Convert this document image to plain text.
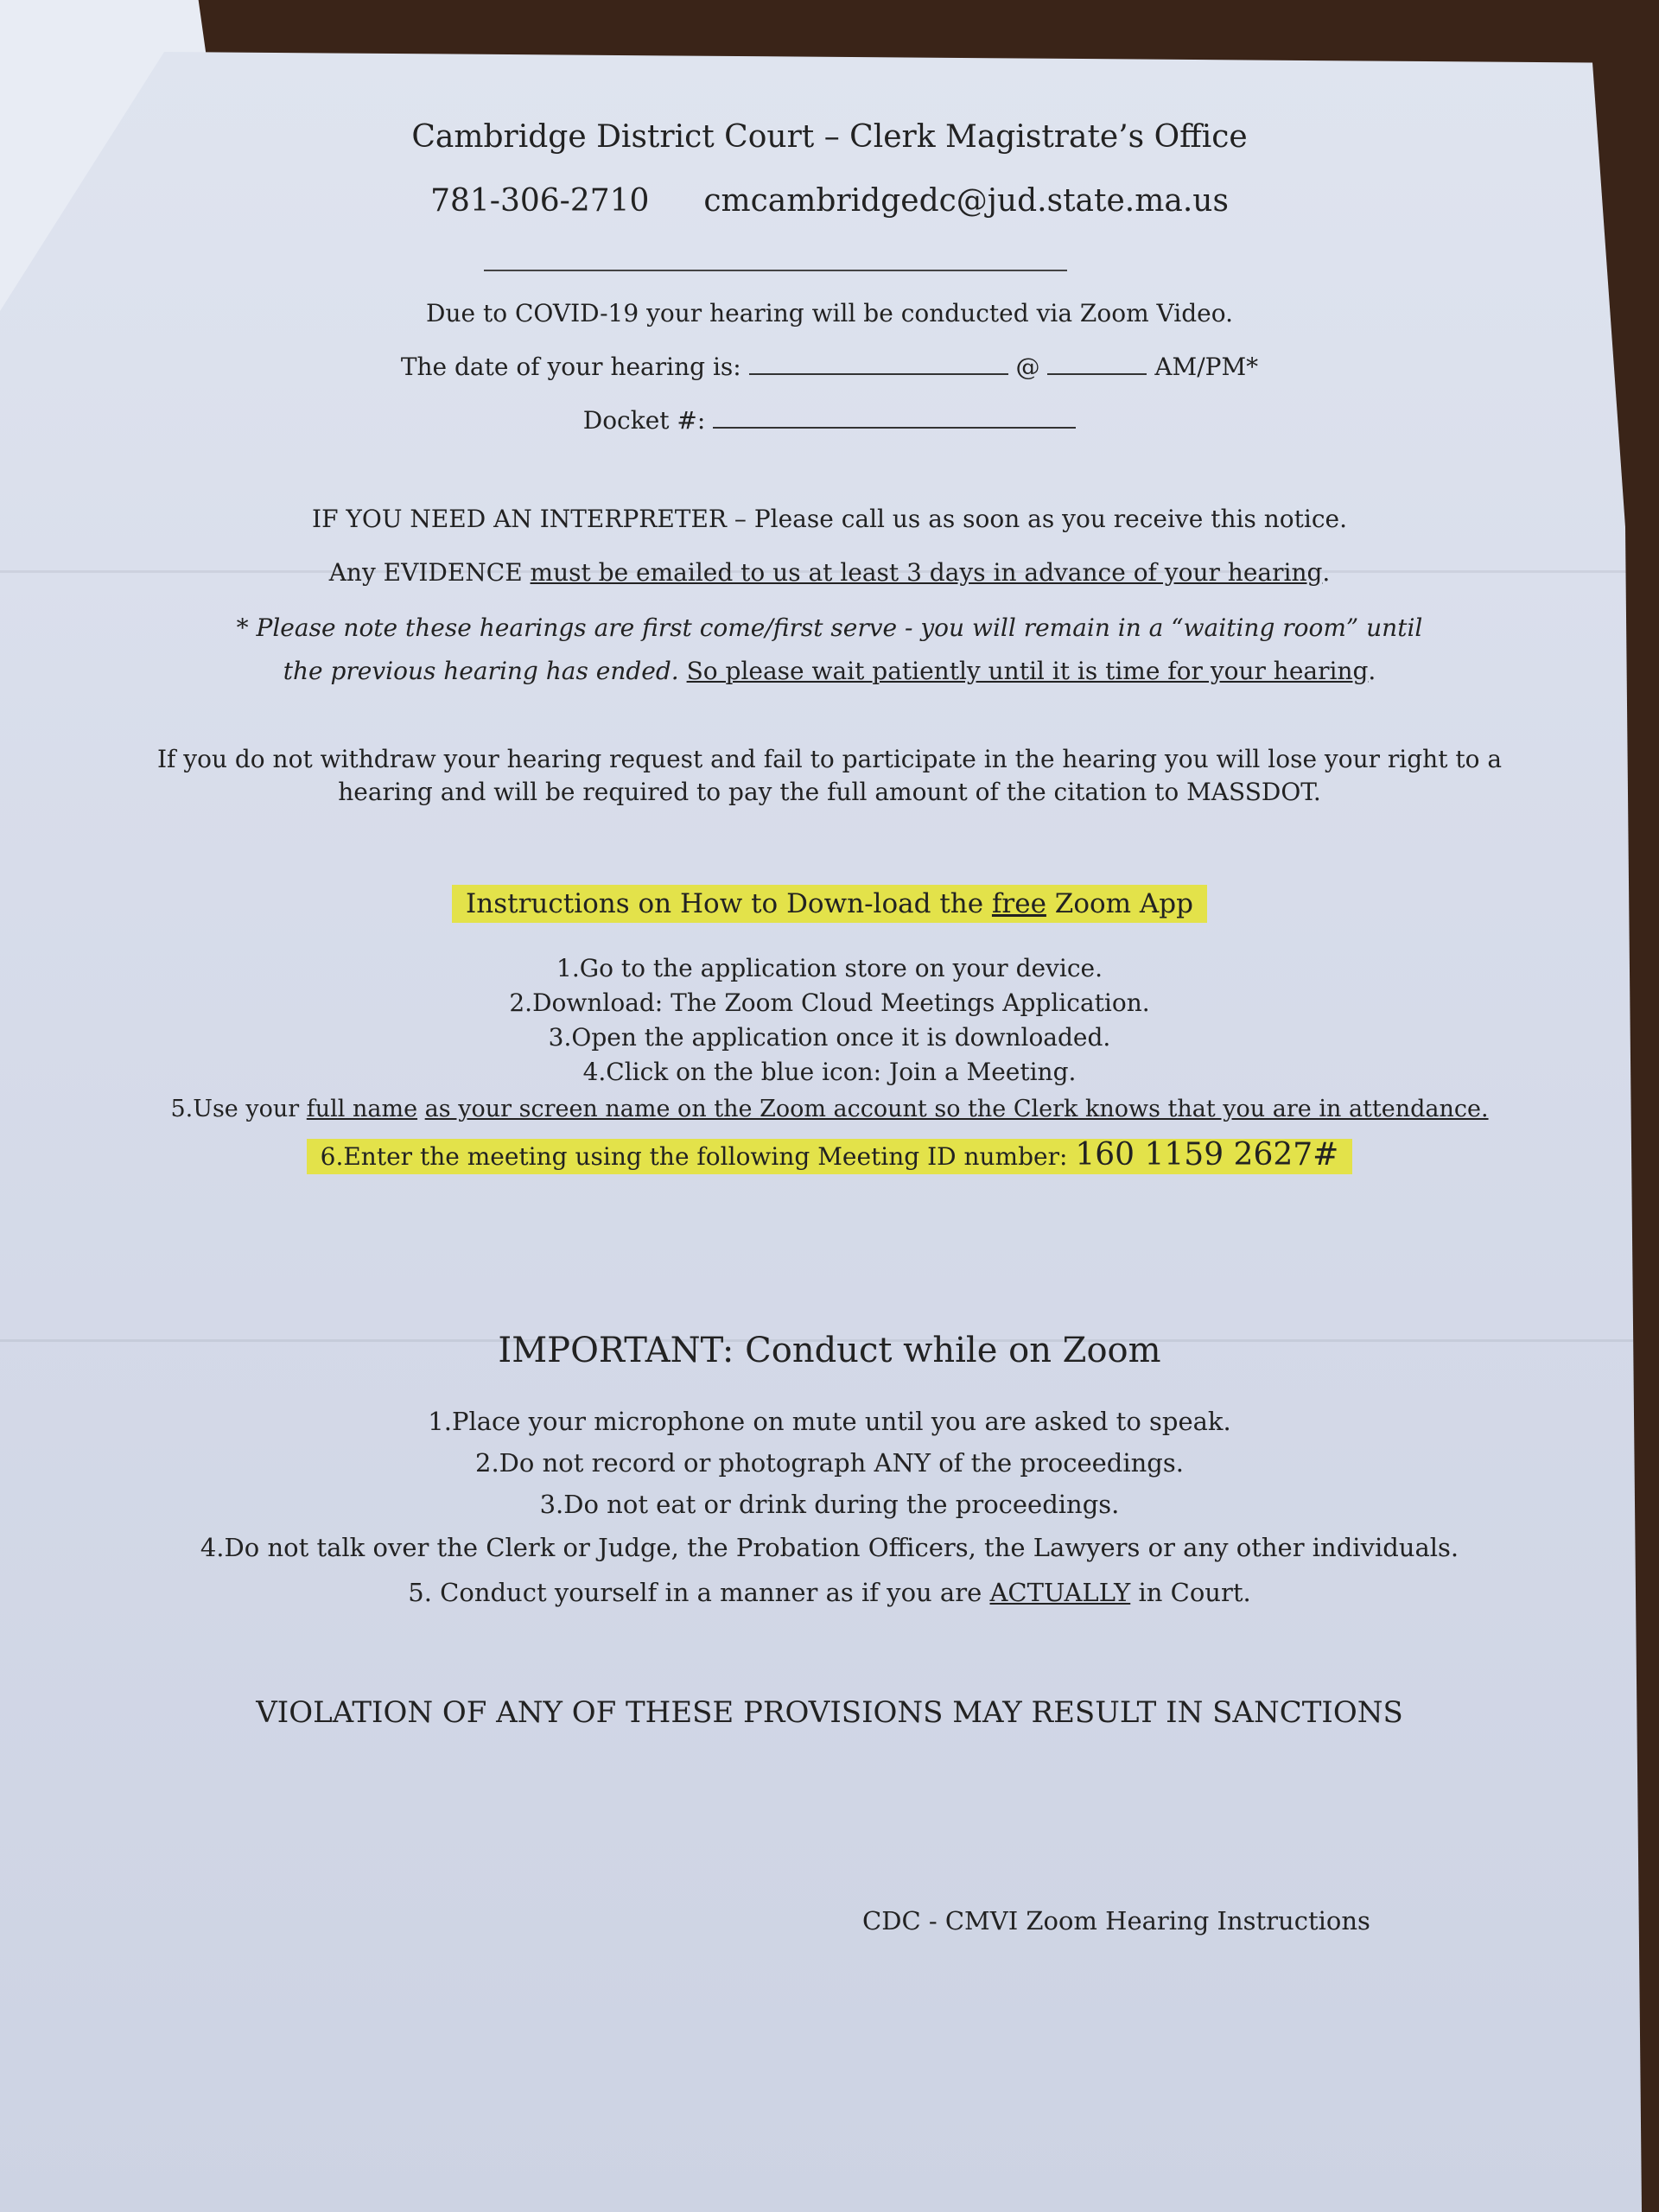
Cambridge District Court – Clerk Magistrate’s Office
781-306-2710 cmcambridgedc@jud.state.ma.us
Due to COVID-19 your hearing will be conducted via Zoom Video.
The date of your hearing is:	@	AM/PM*
Docket #:
IF YOU NEED AN INTERPRETER – Please call us as soon as you receive this notice.
Any EVIDENCE must be emailed to us at least 3 days in advance of your hearing.
* Please note these hearings are first come/first serve - you will remain in a “waiting room” until
the previous hearing has ended. So please wait patiently until it is time for your hearing.
If you do not withdraw your hearing request and fail to participate in the hearing you will lose your right to a
hearing and will be required to pay the full amount of the citation to MASSDOT.
Instructions on How to Down-load the free Zoom App
1.Go to the application store on your device.
2.Download: The Zoom Cloud Meetings Application.
3.Open the application once it is downloaded.
4.Click on the blue icon: Join a Meeting.
5.Use your full name as your screen name on the Zoom account so the Clerk knows that you are in attendance.
6.Enter the meeting using the following Meeting ID number: 160 1159 2627#
IMPORTANT: Conduct while on Zoom
1.Place your microphone on mute until you are asked to speak.
2.Do not record or photograph ANY of the proceedings.
3.Do not eat or drink during the proceedings.
4.Do not talk over the Clerk or Judge, the Probation Officers, the Lawyers or any other individuals.
5. Conduct yourself in a manner as if you are ACTUALLY in Court.
VIOLATION OF ANY OF THESE PROVISIONS MAY RESULT IN SANCTIONS
CDC - CMVI Zoom Hearing Instructions
